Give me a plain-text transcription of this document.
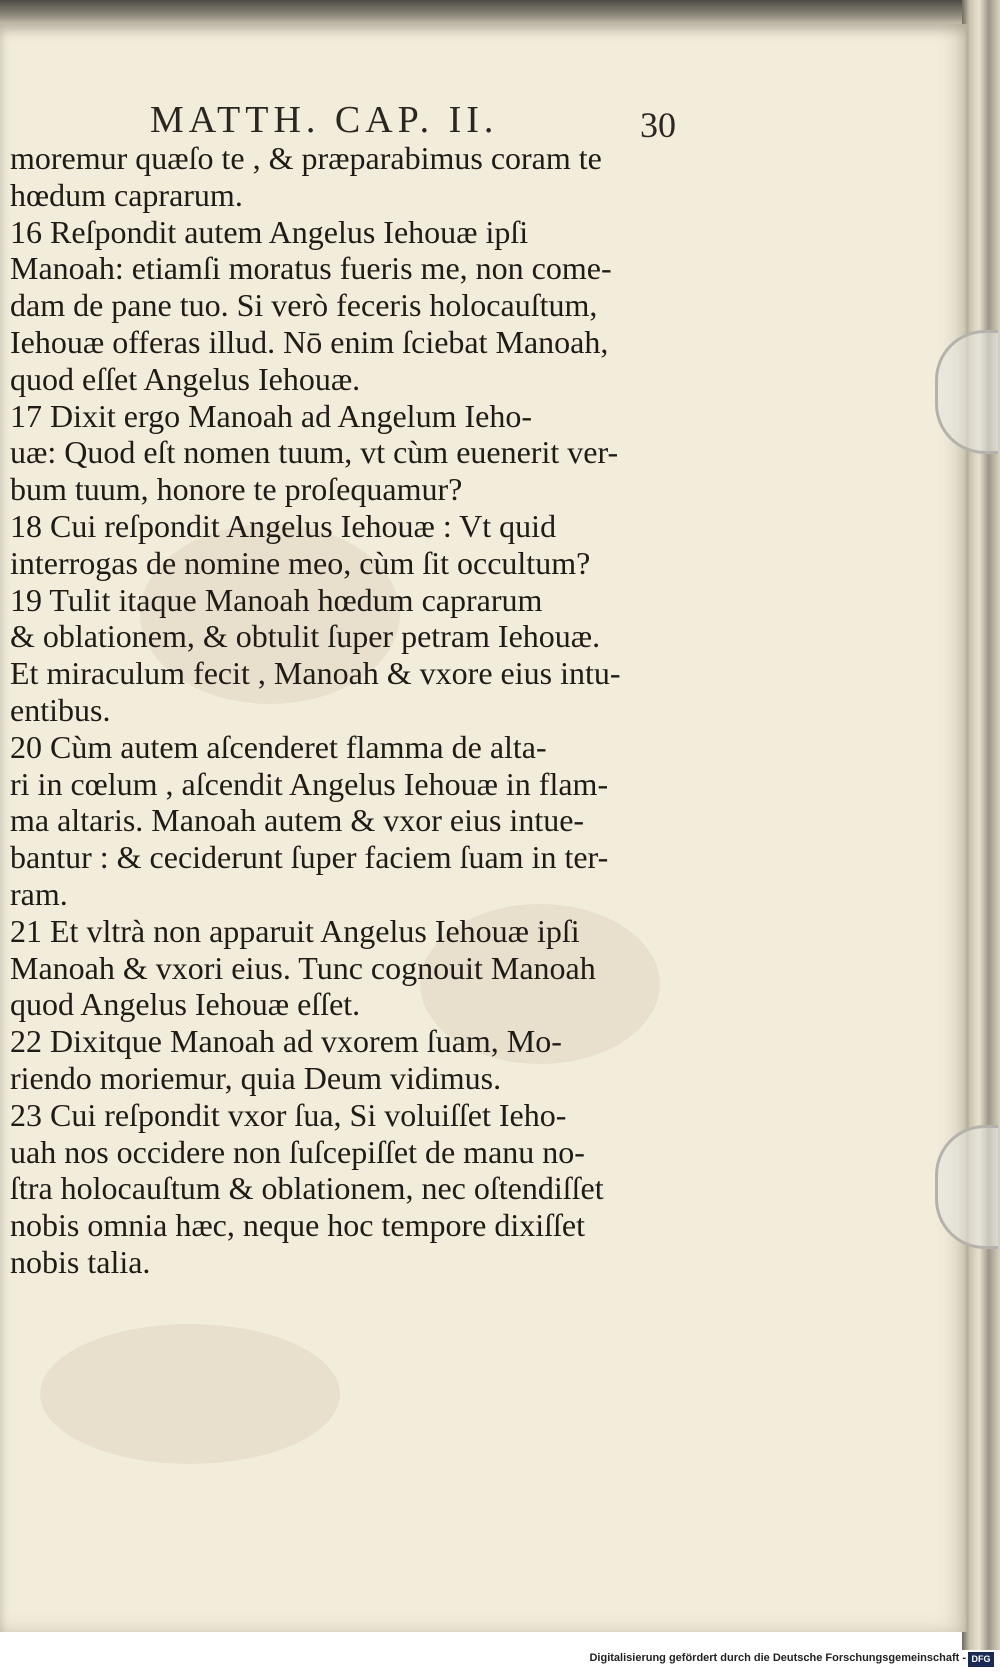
MATTH. CAP. II.	30
moremur quæſo te , & præparabimus coram te
hœdum caprarum.
16 Reſpondit autem Angelus Iehouæ ipſi
Manoah: etiamſi moratus fueris me, non come-
dam de pane tuo. Si verò feceris holocauſtum,
Iehouæ offeras illud. Nō enim ſciebat Manoah,
quod eſſet Angelus Iehouæ.
17 Dixit ergo Manoah ad Angelum Ieho-
uæ: Quod eſt nomen tuum, vt cùm euenerit ver-
bum tuum, honore te proſequamur?
18 Cui reſpondit Angelus Iehouæ : Vt quid
interrogas de nomine meo, cùm ſit occultum?
19 Tulit itaque Manoah hœdum caprarum
& oblationem, & obtulit ſuper petram Iehouæ.
Et miraculum fecit , Manoah & vxore eius intu-
entibus.
20 Cùm autem aſcenderet flamma de alta-
ri in cœlum , aſcendit Angelus Iehouæ in flam-
ma altaris. Manoah autem & vxor eius intue-
bantur : & ceciderunt ſuper faciem ſuam in ter-
ram.
21 Et vltrà non apparuit Angelus Iehouæ ipſi
Manoah & vxori eius. Tunc cognouit Manoah
quod Angelus Iehouæ eſſet.
22 Dixitque Manoah ad vxorem ſuam, Mo-
riendo moriemur, quia Deum vidimus.
23 Cui reſpondit vxor ſua, Si voluiſſet Ieho-
uah nos occidere non ſuſcepiſſet de manu no-
ſtra holocauſtum & oblationem, nec oſtendiſſet
nobis omnia hæc, neque hoc tempore dixiſſet
nobis talia.
Digitalisierung gefördert durch die Deutsche Forschungsgemeinschaft - DFG
